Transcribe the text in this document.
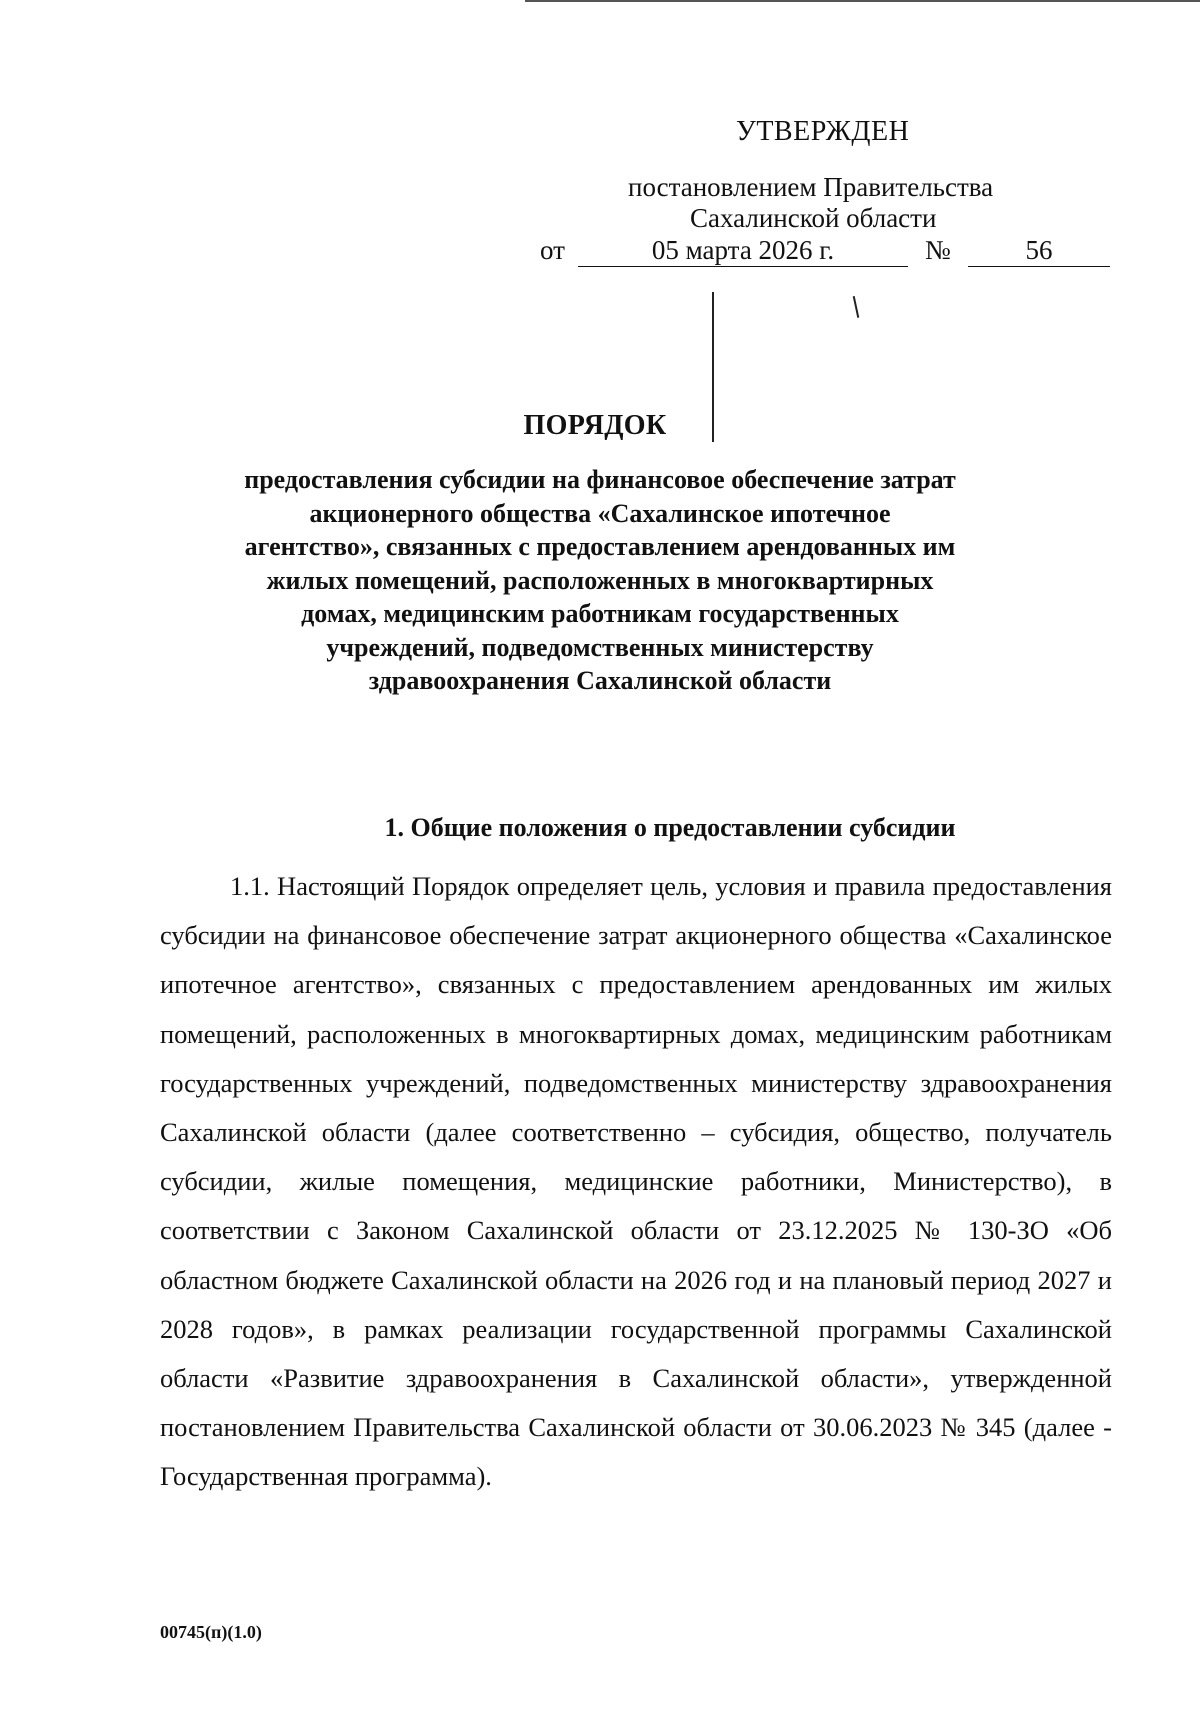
УТВЕРЖДЕН
постановлением Правительства
Сахалинской области
от	05 марта 2026 г.	№	56
ПОРЯДОК
предоставления субсидии на финансовое обеспечение затрат акционерного общества «Сахалинское ипотечное агентство», связанных с предоставлением арендованных им жилых помещений, расположенных в многоквартирных домах, медицинским работникам государственных учреждений, подведомственных министерству здравоохранения Сахалинской области
1. Общие положения о предоставлении субсидии
1.1. Настоящий Порядок определяет цель, условия и правила предоставления субсидии на финансовое обеспечение затрат акционерного общества «Сахалинское ипотечное агентство», связанных с предоставлением арендованных им жилых помещений, расположенных в многоквартирных домах, медицинским работникам государственных учреждений, подведомственных министерству здравоохранения Сахалинской области (далее соответственно – субсидия, общество, получатель субсидии, жилые помещения, медицинские работники, Министерство), в соответствии с Законом Сахалинской области от 23.12.2025 № 130-ЗО «Об областном бюджете Сахалинской области на 2026 год и на плановый период 2027 и 2028 годов», в рамках реализации государственной программы Сахалинской области «Развитие здравоохранения в Сахалинской области», утвержденной постановлением Правительства Сахалинской области от 30.06.2023 № 345 (далее - Государственная программа).
00745(п)(1.0)
